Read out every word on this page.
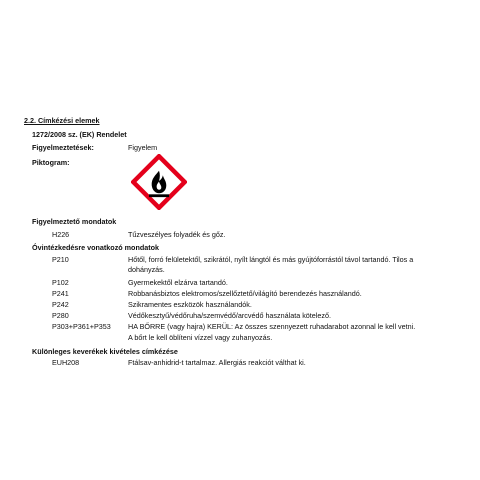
2.2. Címkézési elemek
1272/2008 sz. (EK) Rendelet
Figyelmeztetések:	Figyelem
Piktogram:
Figyelmeztető mondatok
H226	Tűzveszélyes folyadék és gőz.
Óvintézkedésre vonatkozó mondatok
P210	Hőtől, forró felületektől, szikrától, nyílt lángtól és más gyújtóforrástól távol tartandó. Tilos a
dohányzás.
P102	Gyermekektől elzárva tartandó.
P241	Robbanásbiztos elektromos/szellőztető/világító berendezés használandó.
P242	Szikramentes eszközök használandók.
P280	Védőkesztyű/védőruha/szemvédő/arcvédő használata kötelező.
P303+P361+P353 HA BŐRRE (vagy hajra) KERÜL: Az összes szennyezett ruhadarabot azonnal le kell vetni.
A bőrt le kell öblíteni vízzel vagy zuhanyozás.
Különleges keverékek kivételes címkézése
EUH208	Ftálsav-anhidrid-t tartalmaz. Allergiás reakciót válthat ki.
